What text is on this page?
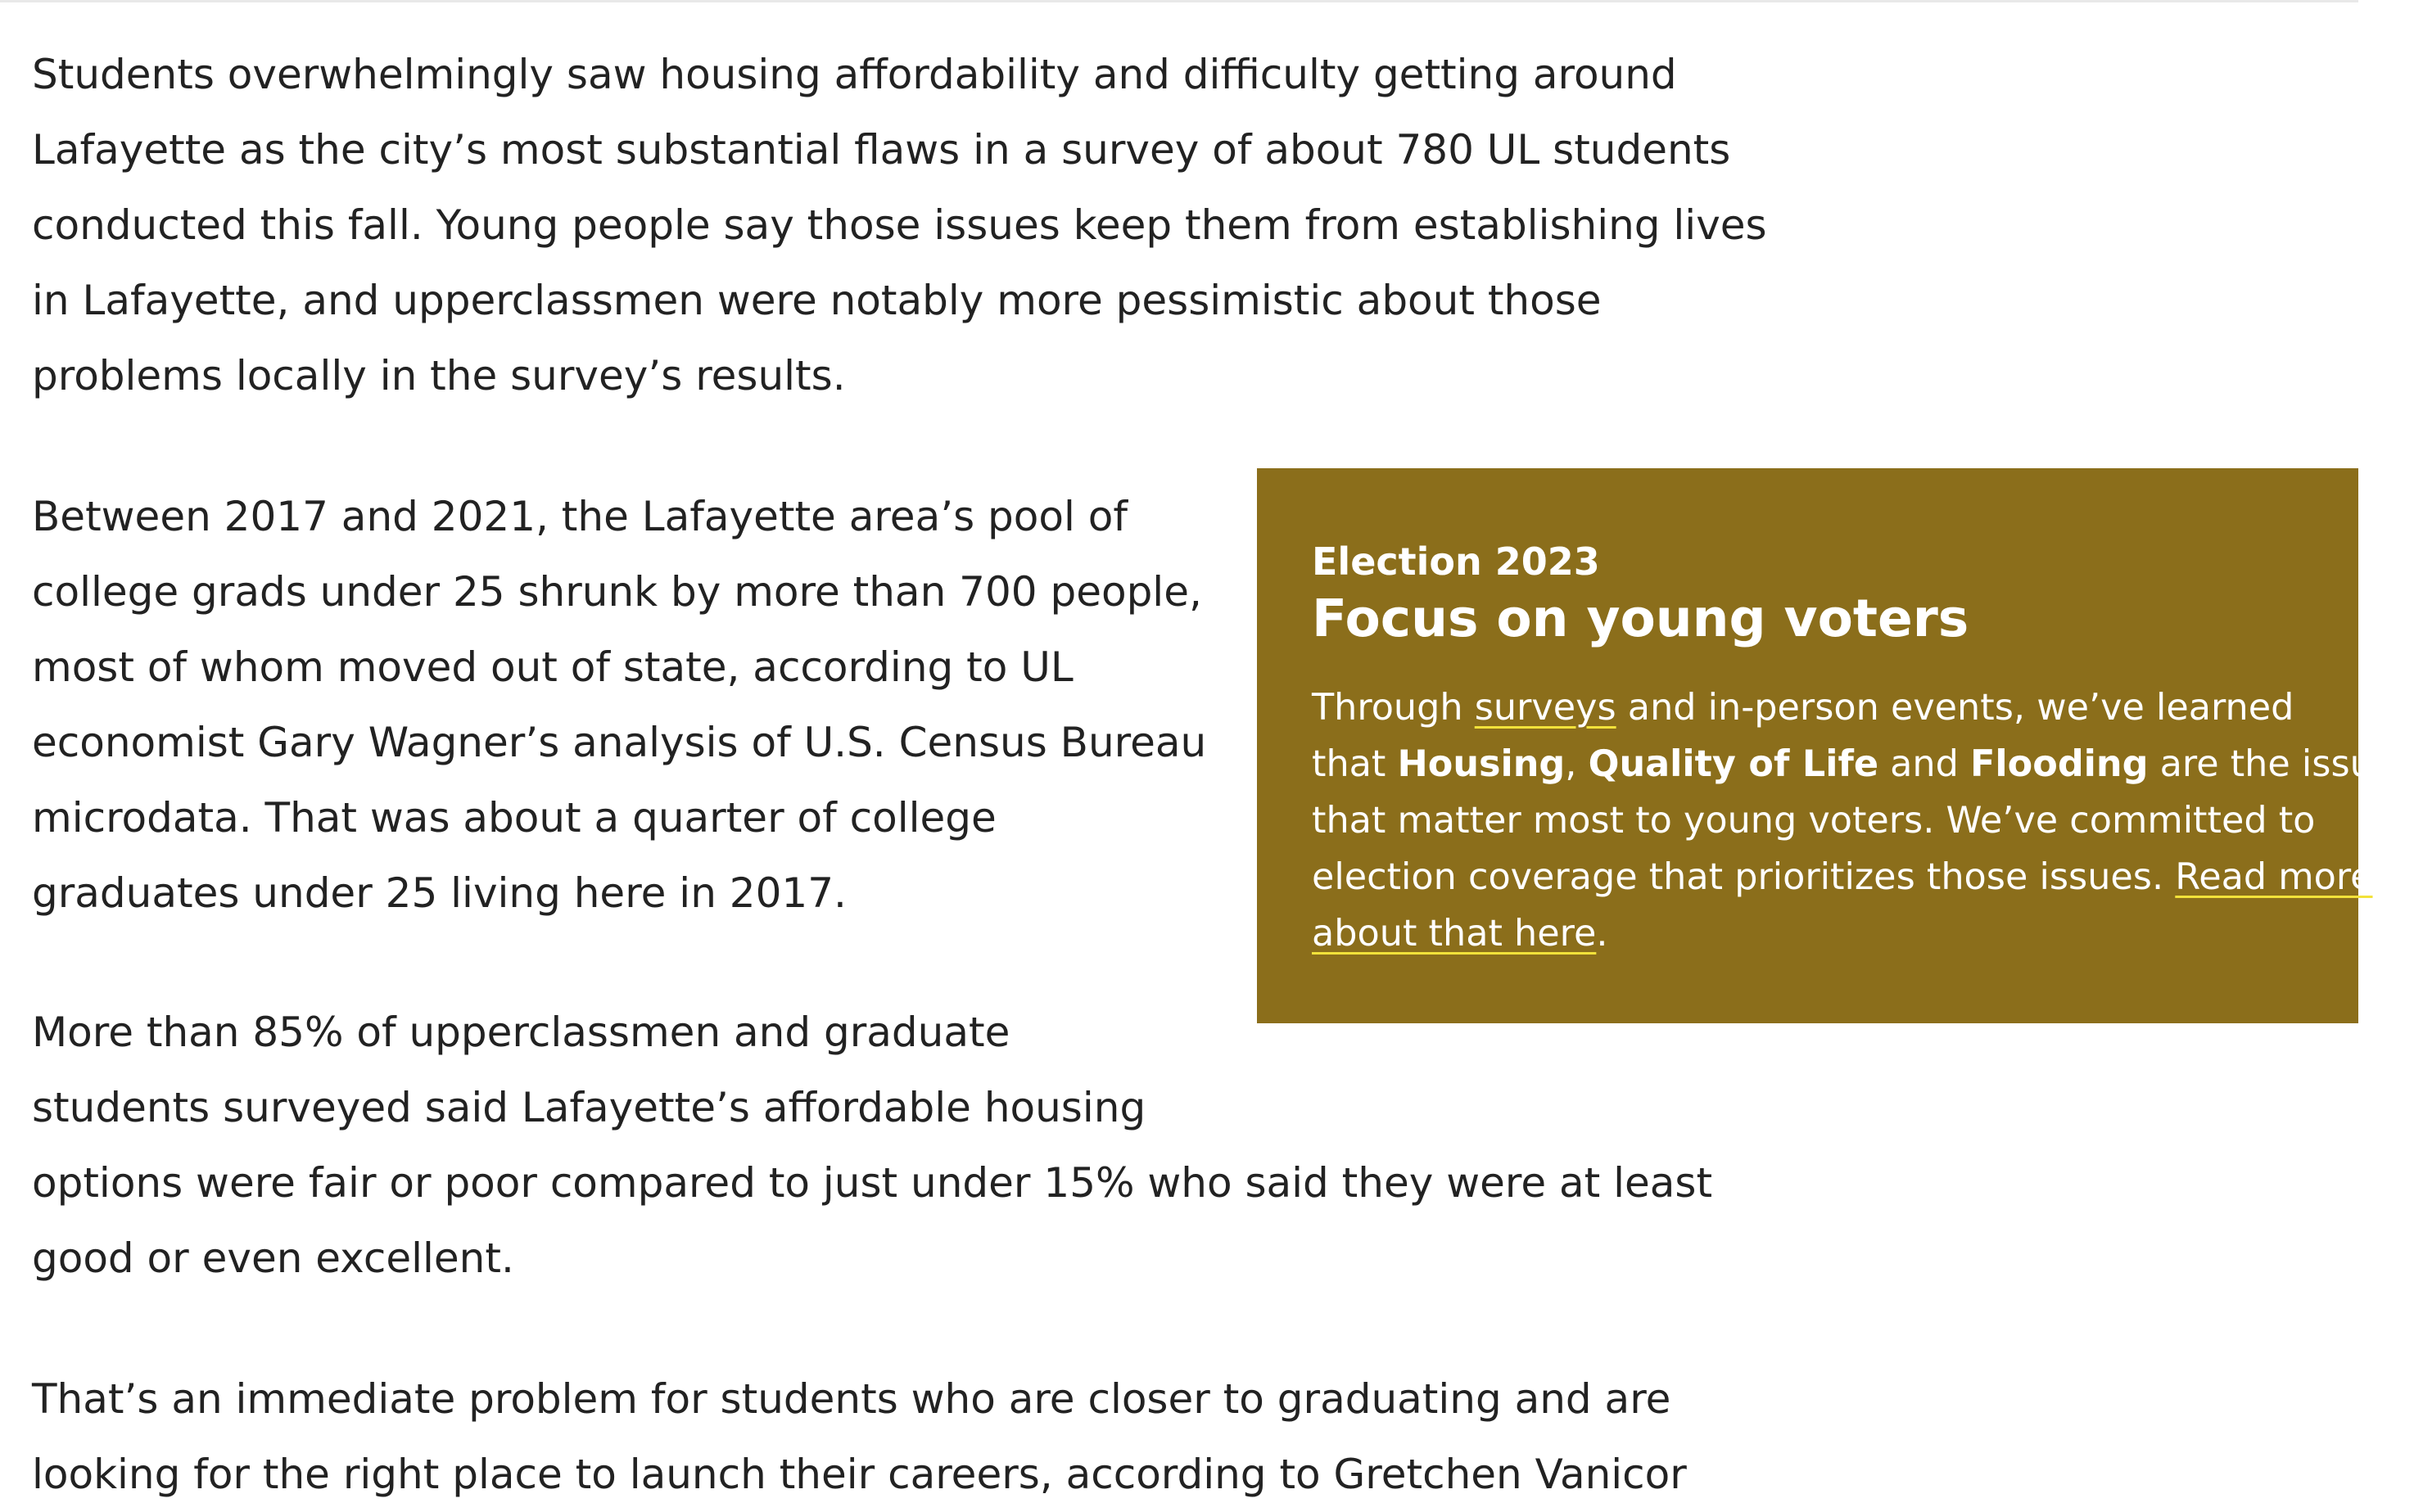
Students overwhelmingly saw housing affordability and difficulty getting around
Lafayette as the city’s most substantial flaws in a survey of about 780 UL students
conducted this fall. Young people say those issues keep them from establishing lives
in Lafayette, and upperclassmen were notably more pessimistic about those
problems locally in the survey’s results.

Between 2017 and 2021, the Lafayette area’s pool of
college grads under 25 shrunk by more than 700 people,
most of whom moved out of state, according to UL
economist Gary Wagner’s analysis of U.S. Census Bureau
microdata. That was about a quarter of college
graduates under 25 living here in 2017.

More than 85% of upperclassmen and graduate
students surveyed said Lafayette’s affordable housing
options were fair or poor compared to just under 15% who said they were at least
good or even excellent.

That’s an immediate problem for students who are closer to graduating and are
looking for the right place to launch their careers, according to Gretchen Vanicor

Election 2023
Focus on young voters
Through surveys and in-person events, we’ve learned
that Housing, Quality of Life and Flooding are the issues
that matter most to young voters. We’ve committed to
election coverage that prioritizes those issues. Read more
about that here.
